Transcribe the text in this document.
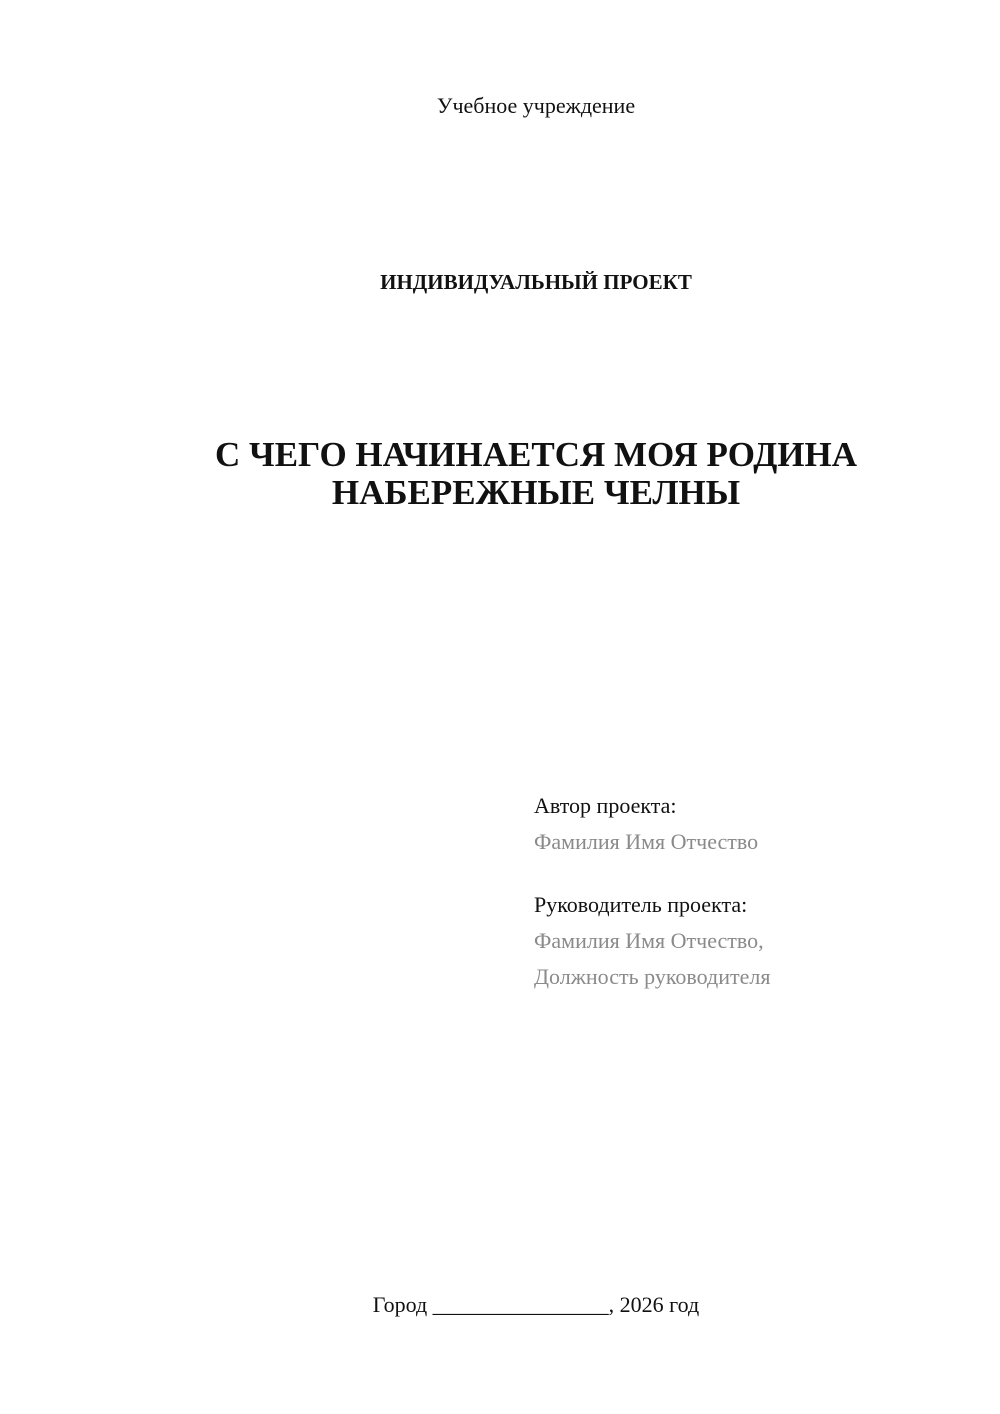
Учебное учреждение
ИНДИВИДУАЛЬНЫЙ ПРОЕКТ
С ЧЕГО НАЧИНАЕТСЯ МОЯ РОДИНА
НАБЕРЕЖНЫЕ ЧЕЛНЫ
Автор проекта:
Фамилия Имя Отчество
Руководитель проекта:
Фамилия Имя Отчество,
Должность руководителя
Город ________________, 2026 год
